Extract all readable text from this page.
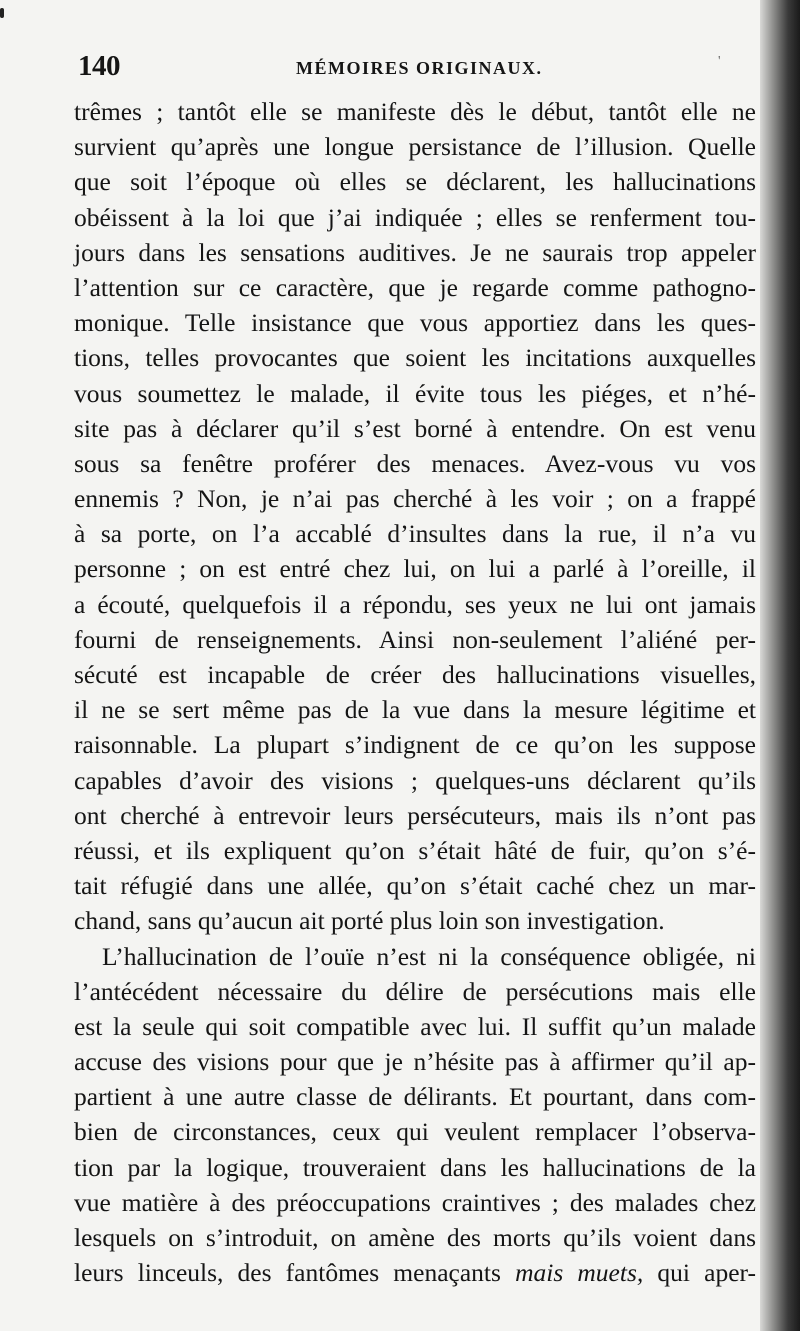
140	MÉMOIRES ORIGINAUX.	'
trêmes ; tantôt elle se manifeste dès le début, tantôt elle ne
survient qu’après une longue persistance de l’illusion. Quelle
que soit l’époque où elles se déclarent, les hallucinations
obéissent à la loi que j’ai indiquée ; elles se renferment tou-
jours dans les sensations auditives. Je ne saurais trop appeler
l’attention sur ce caractère, que je regarde comme pathogno-
monique. Telle insistance que vous apportiez dans les ques-
tions, telles provocantes que soient les incitations auxquelles
vous soumettez le malade, il évite tous les piéges, et n’hé-
site pas à déclarer qu’il s’est borné à entendre. On est venu
sous sa fenêtre proférer des menaces. Avez-vous vu vos
ennemis ? Non, je n’ai pas cherché à les voir ; on a frappé
à sa porte, on l’a accablé d’insultes dans la rue, il n’a vu
personne ; on est entré chez lui, on lui a parlé à l’oreille, il
a écouté, quelquefois il a répondu, ses yeux ne lui ont jamais
fourni de renseignements. Ainsi non-seulement l’aliéné per-
sécuté est incapable de créer des hallucinations visuelles,
il ne se sert même pas de la vue dans la mesure légitime et
raisonnable. La plupart s’indignent de ce qu’on les suppose
capables d’avoir des visions ; quelques-uns déclarent qu’ils
ont cherché à entrevoir leurs persécuteurs, mais ils n’ont pas
réussi, et ils expliquent qu’on s’était hâté de fuir, qu’on s’é-
tait réfugié dans une allée, qu’on s’était caché chez un mar-
chand, sans qu’aucun ait porté plus loin son investigation.
L’hallucination de l’ouïe n’est ni la conséquence obligée, ni
l’antécédent nécessaire du délire de persécutions mais elle
est la seule qui soit compatible avec lui. Il suffit qu’un malade
accuse des visions pour que je n’hésite pas à affirmer qu’il ap-
partient à une autre classe de délirants. Et pourtant, dans com-
bien de circonstances, ceux qui veulent remplacer l’observa-
tion par la logique, trouveraient dans les hallucinations de la
vue matière à des préoccupations craintives ; des malades chez
lesquels on s’introduit, on amène des morts qu’ils voient dans
leurs linceuls, des fantômes menaçants mais muets, qui aper-
